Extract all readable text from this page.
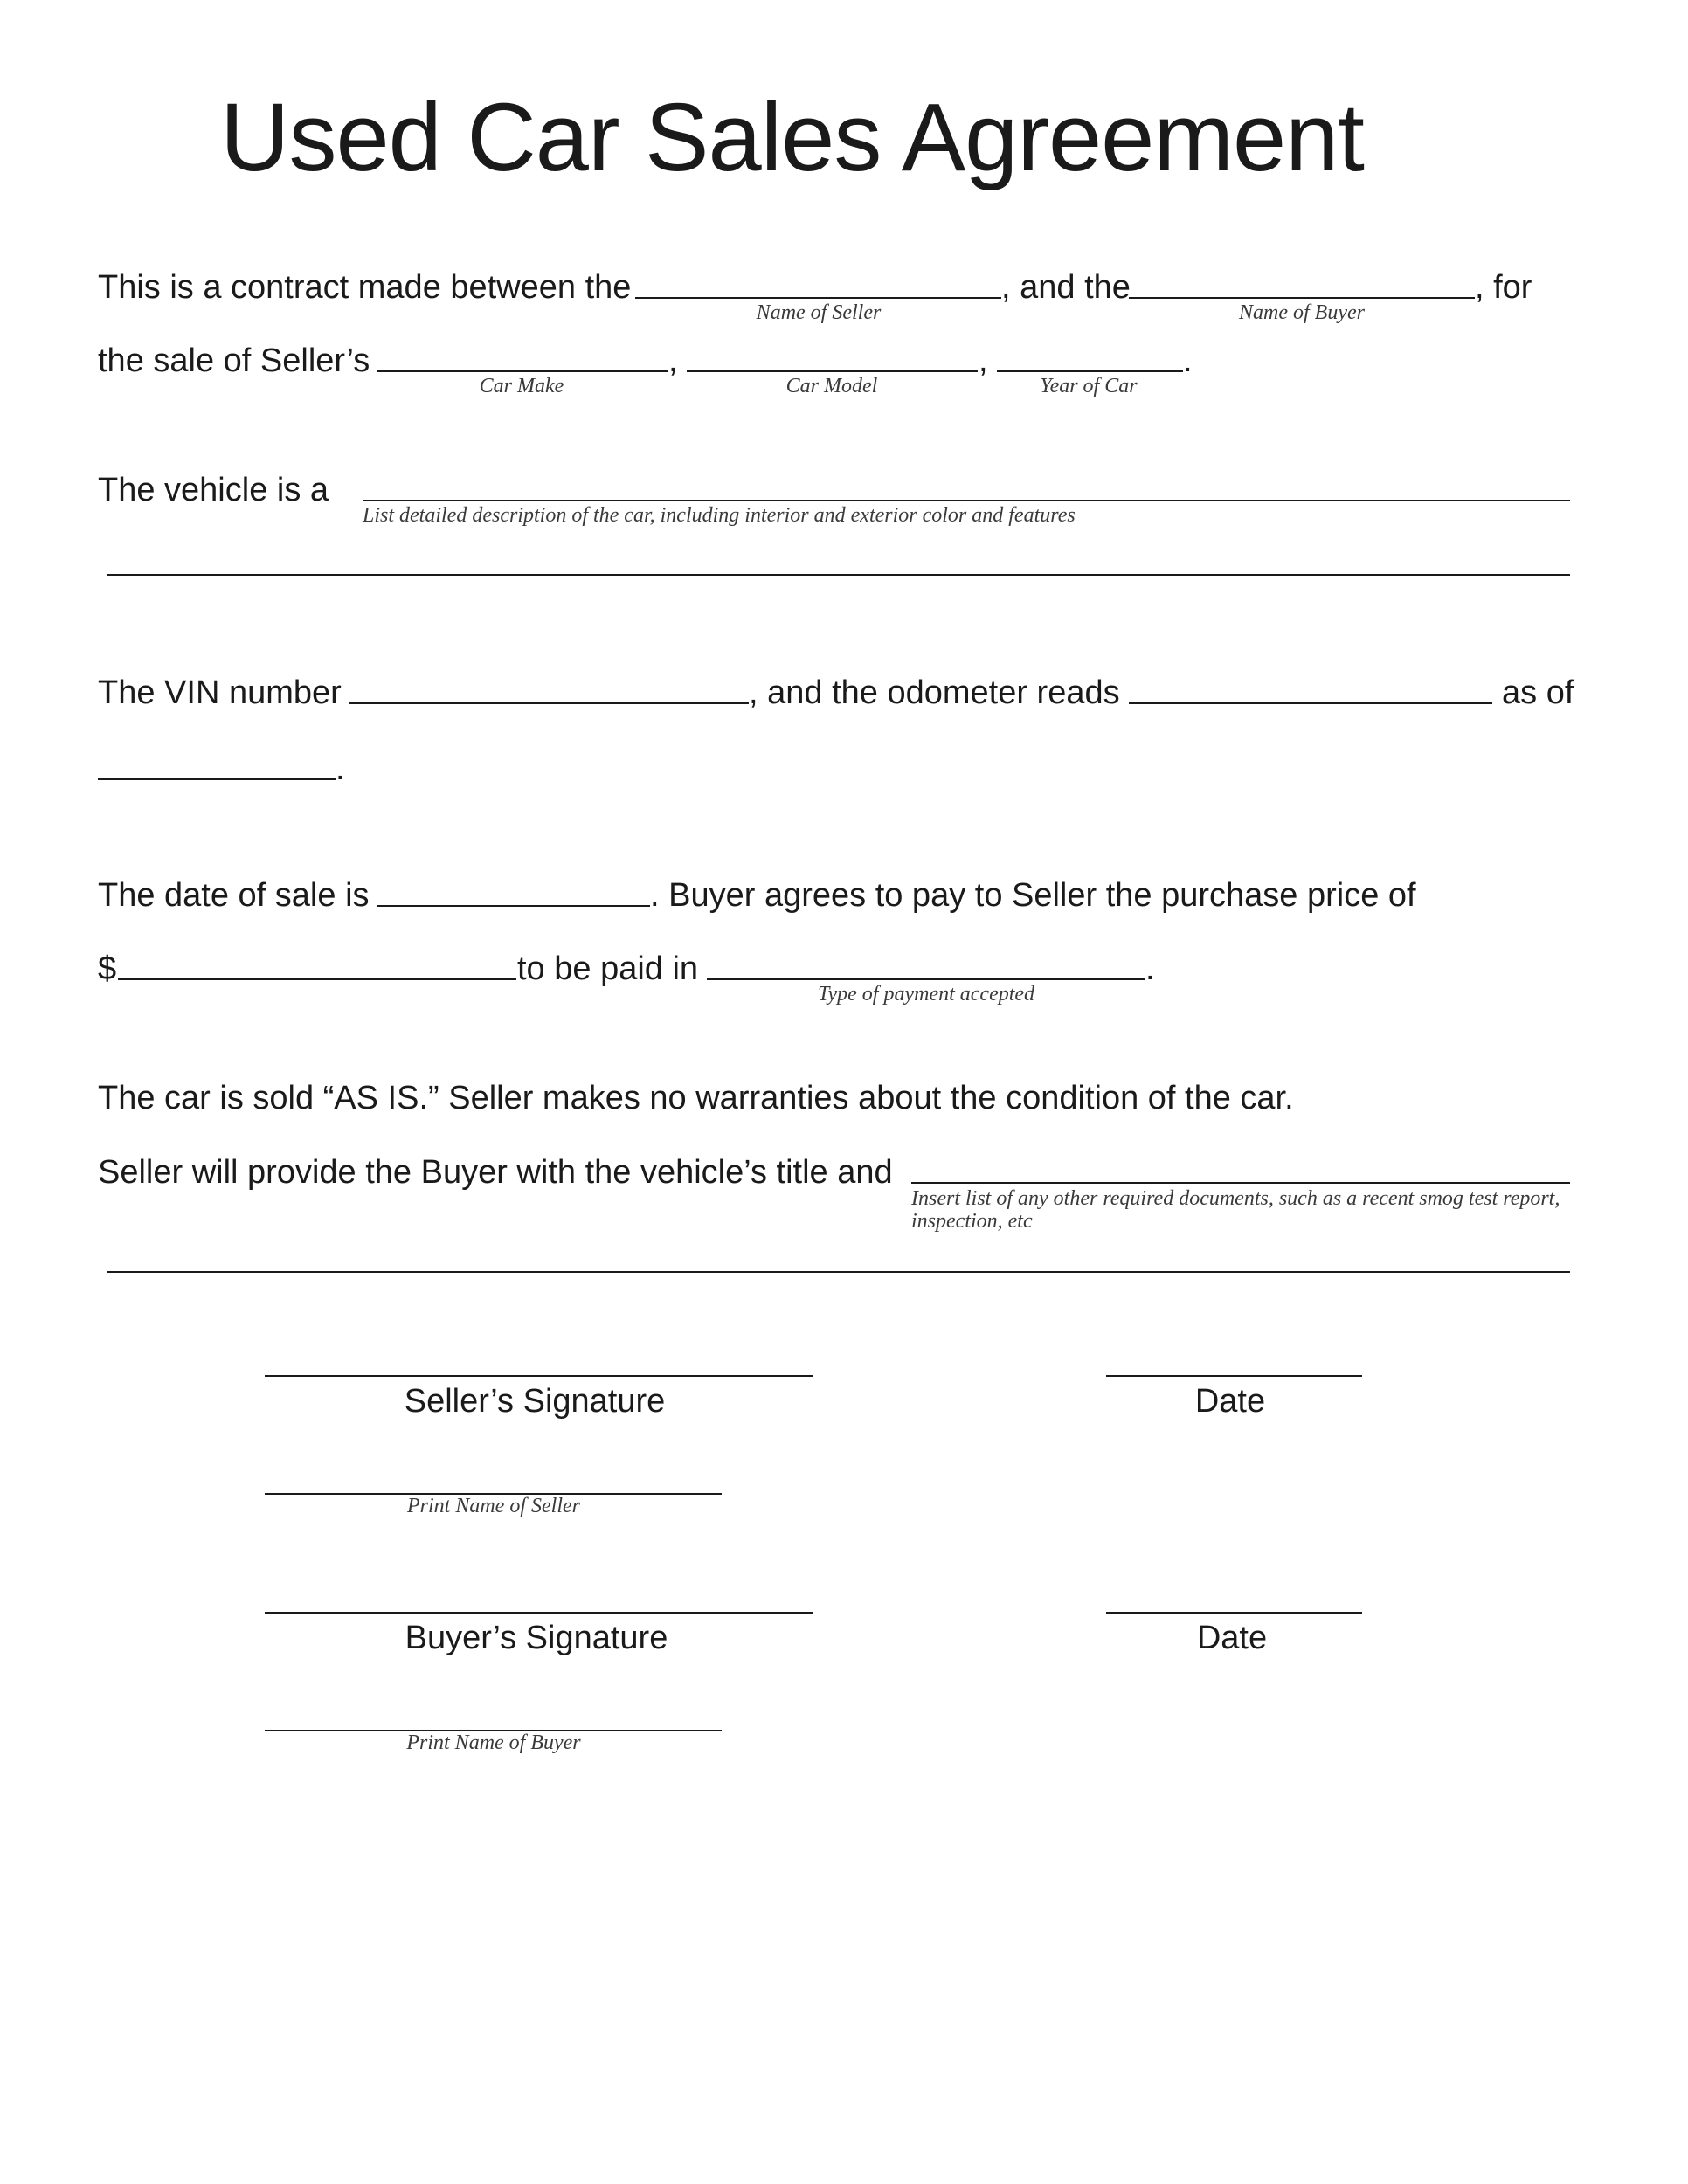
Used Car Sales Agreement
This is a contract made between the
Name of Seller
, and the
Name of Buyer
, for
the sale of Seller’s
Car Make
,
Car Model
,
Year of Car
.
The vehicle is a
List detailed description of the car, including interior and exterior color and features
The VIN number	, and the odometer reads	as of
.
The date of sale is	. Buyer agrees to pay to Seller the purchase price of
$	to be paid in
Type of payment accepted
.
The car is sold “AS IS.” Seller makes no warranties about the condition of the car.
Seller will provide the Buyer with the vehicle’s title and
Insert list of any other required documents, such as a recent smog test report, inspection, etc
Seller’s Signature	Date
Print Name of Seller
Buyer’s Signature	Date
Print Name of Buyer
